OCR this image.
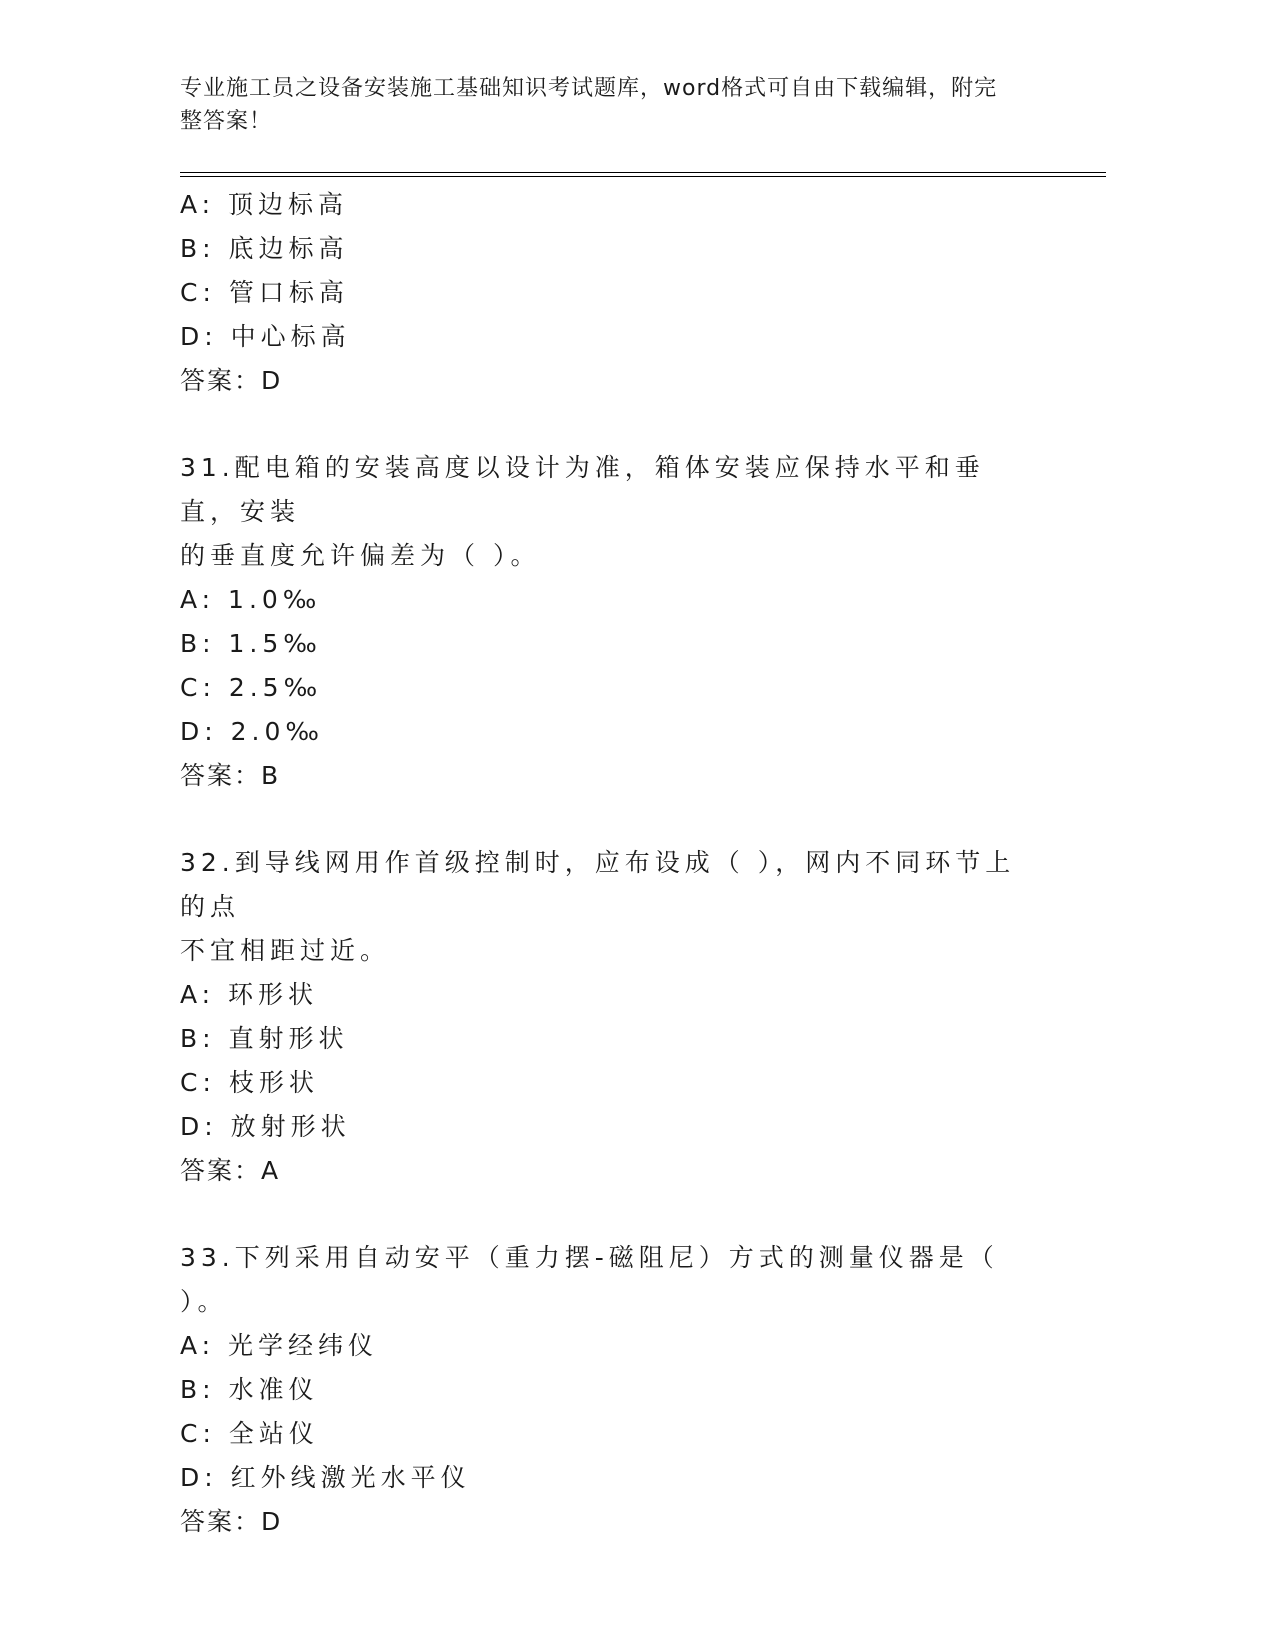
专业施工员之设备安装施工基础知识考试题库，word格式可自由下载编辑，附完
整答案！
A: 顶边标高
B: 底边标高
C: 管口标高
D: 中心标高
答案：D
31.配电箱的安装高度以设计为准，箱体安装应保持水平和垂直，安装
的垂直度允许偏差为（ ）。
A: 1.0‰
B: 1.5‰
C: 2.5‰
D: 2.0‰
答案：B
32.到导线网用作首级控制时，应布设成（ ），网内不同环节上的点
不宜相距过近。
A: 环形状
B: 直射形状
C: 枝形状
D: 放射形状
答案：A
33.下列采用自动安平（重力摆-磁阻尼）方式的测量仪器是（ ）。
A: 光学经纬仪
B: 水准仪
C: 全站仪
D: 红外线激光水平仪
答案：D
